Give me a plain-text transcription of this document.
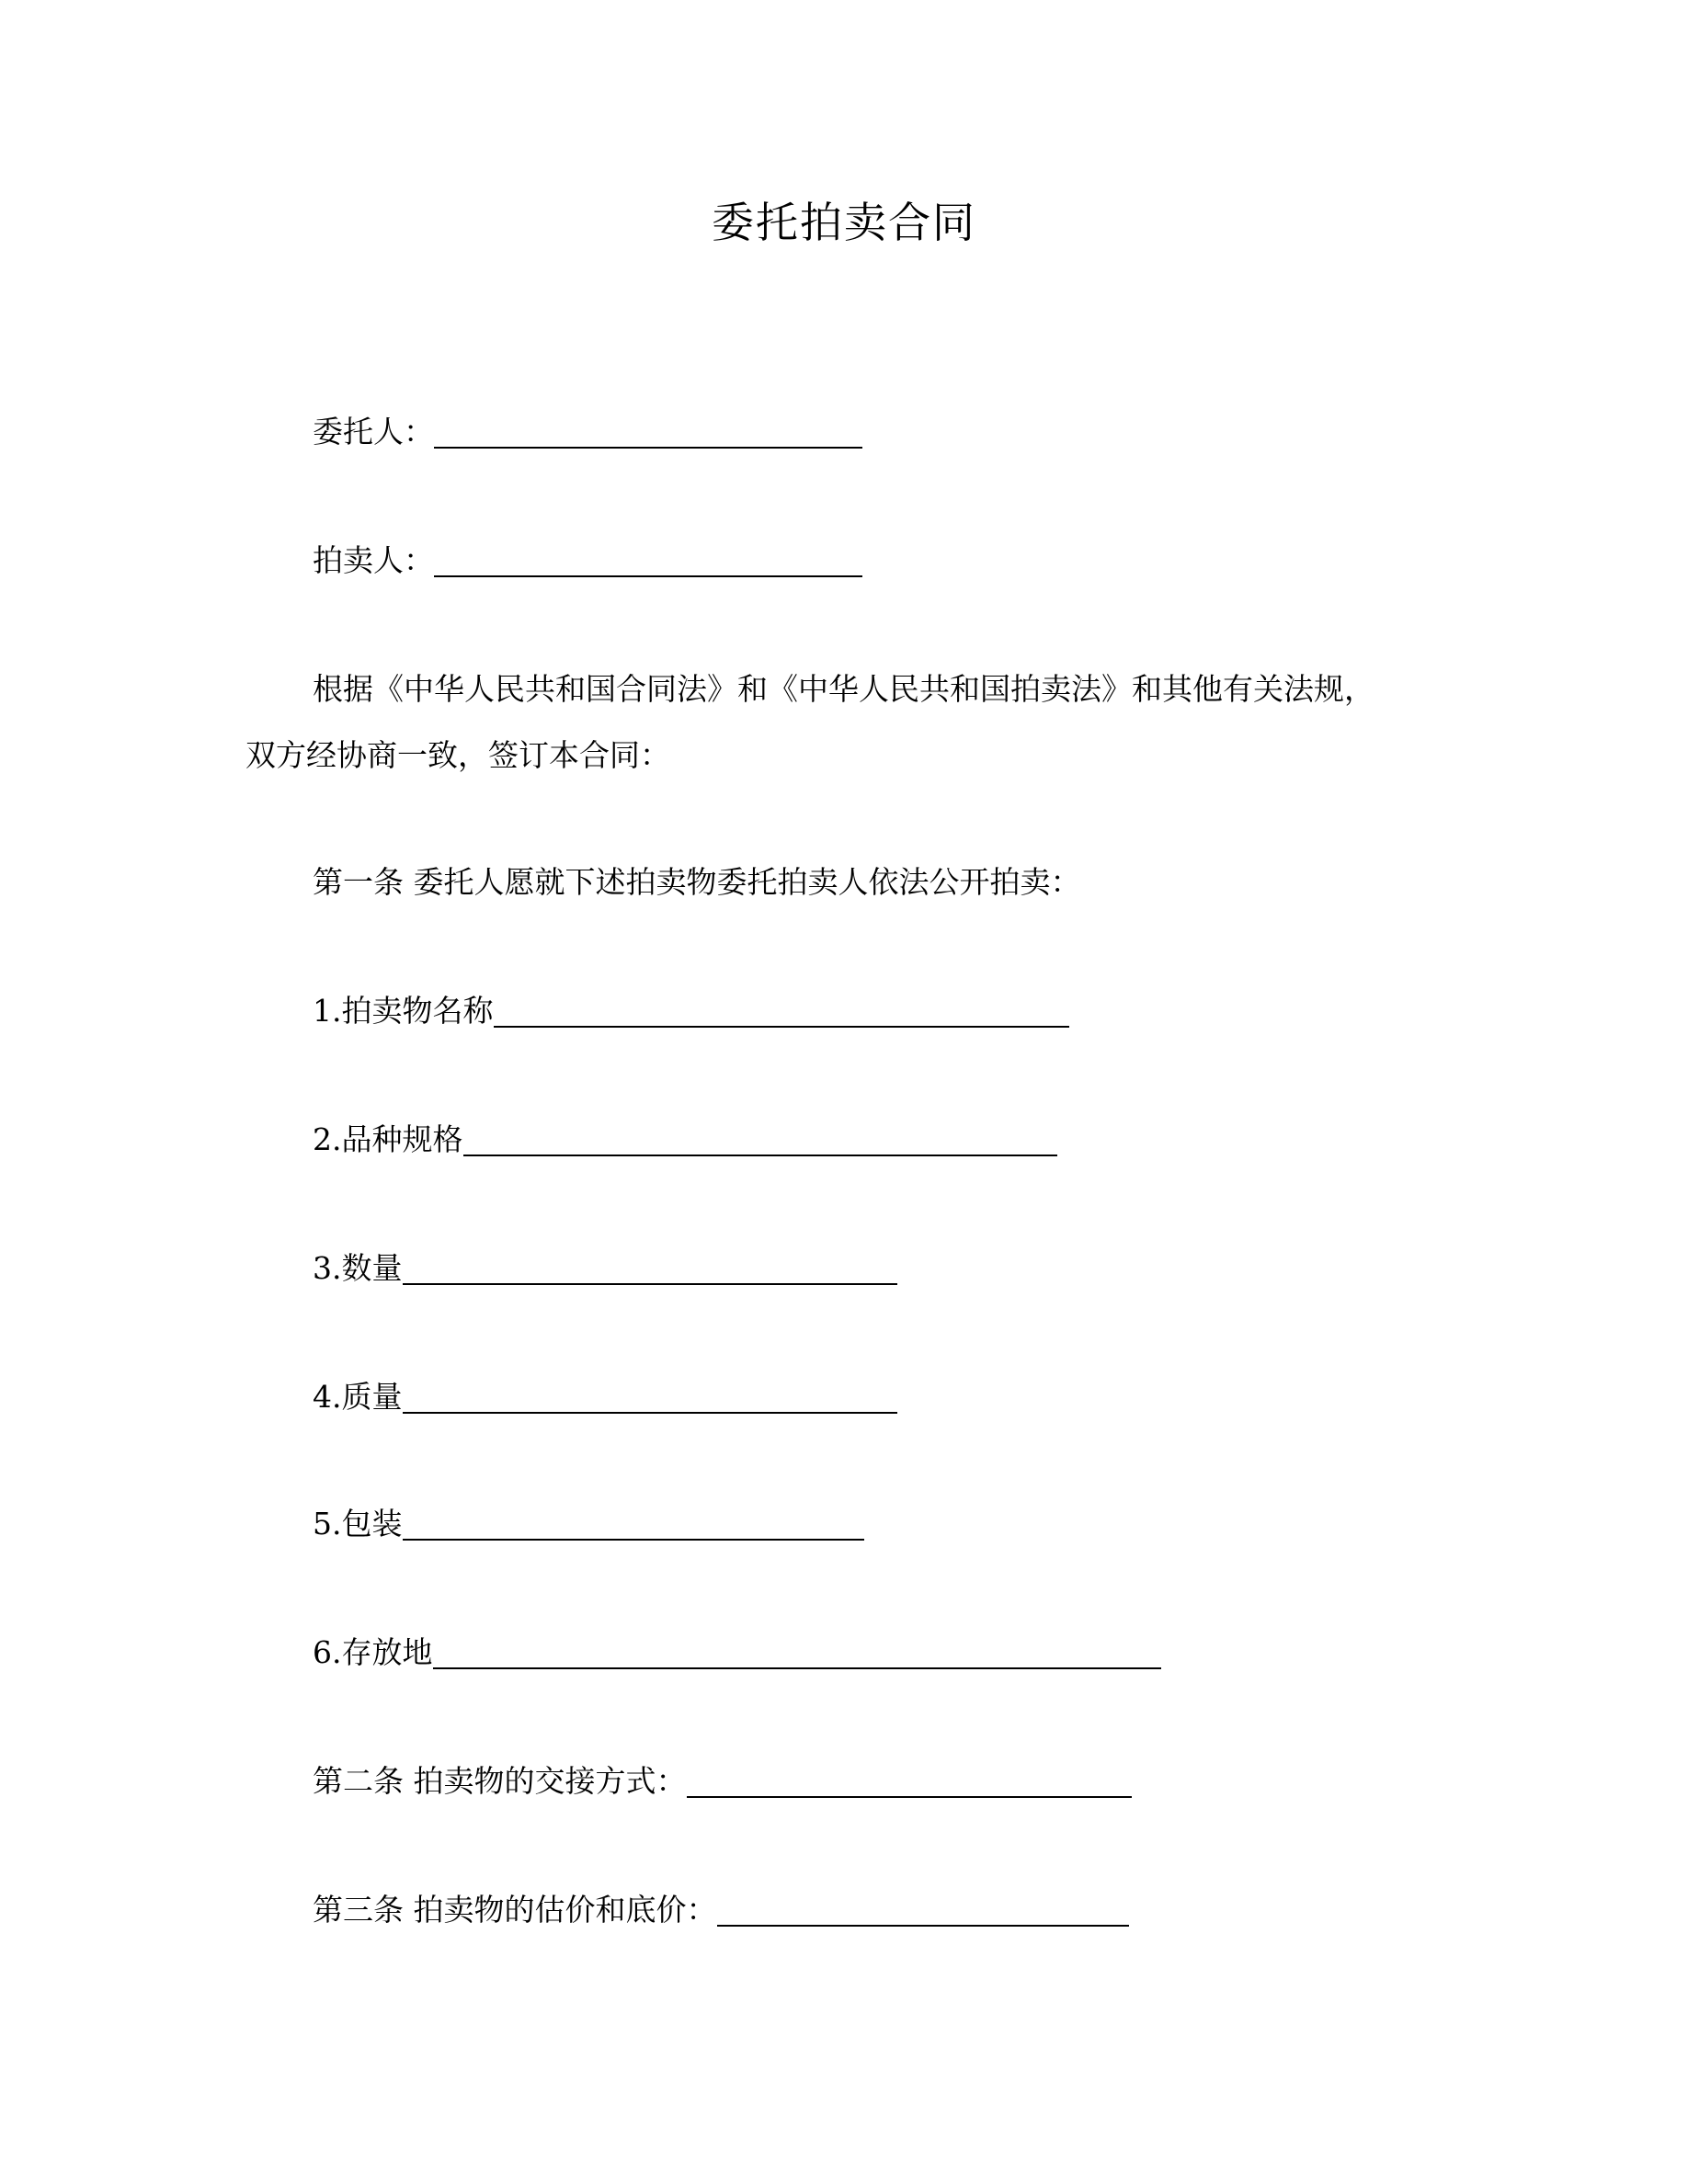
委托拍卖合同
委托人：
拍卖人：
根据《中华人民共和国合同法》和《中华人民共和国拍卖法》和其他有关法规，
双方经协商一致，签订本合同：
第一条 委托人愿就下述拍卖物委托拍卖人依法公开拍卖：
1.拍卖物名称
2.品种规格
3.数量
4.质量
5.包装
6.存放地
第二条 拍卖物的交接方式：
第三条 拍卖物的估价和底价：
